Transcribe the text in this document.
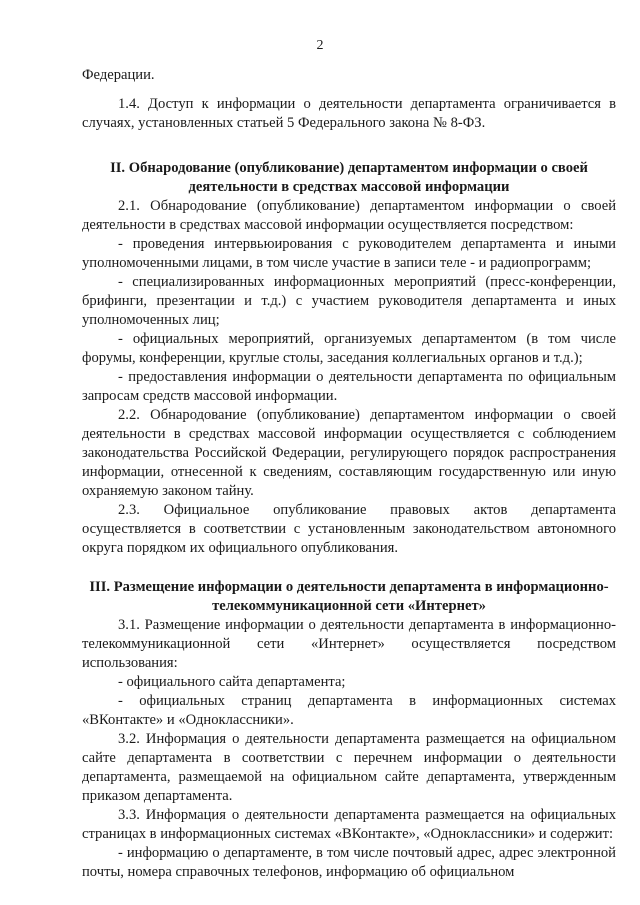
2

Федерации.

1.4. Доступ к информации о деятельности департамента ограничивается в случаях, установленных статьей 5 Федерального закона № 8-ФЗ.

II. Обнародование (опубликование) департаментом информации о своей деятельности в средствах массовой информации

2.1. Обнародование (опубликование) департаментом информации о своей деятельности в средствах массовой информации осуществляется посредством:

- проведения интервьюирования с руководителем департамента и иными уполномоченными лицами, в том числе участие в записи теле - и радиопрограмм;

- специализированных информационных мероприятий (пресс-конференции, брифинги, презентации и т.д.) с участием руководителя департамента и иных уполномоченных лиц;

- официальных мероприятий, организуемых департаментом (в том числе форумы, конференции, круглые столы, заседания коллегиальных органов и т.д.);

- предоставления информации о деятельности департамента по официальным запросам средств массовой информации.

2.2. Обнародование (опубликование) департаментом информации о своей деятельности в средствах массовой информации осуществляется с соблюдением законодательства Российской Федерации, регулирующего порядок распространения информации, отнесенной к сведениям, составляющим государственную или иную охраняемую законом тайну.

2.3. Официальное опубликование правовых актов департамента осуществляется в соответствии с установленным законодательством автономного округа порядком их официального опубликования.

III. Размещение информации о деятельности департамента в информационно-телекоммуникационной сети «Интернет»

3.1. Размещение информации о деятельности департамента в информационно-телекоммуникационной сети «Интернет» осуществляется посредством использования:

- официального сайта департамента;

- официальных страниц департамента в информационных системах «ВКонтакте» и «Одноклассники».

3.2. Информация о деятельности департамента размещается на официальном сайте департамента в соответствии с перечнем информации о деятельности департамента, размещаемой на официальном сайте департамента, утвержденным приказом департамента.

3.3. Информация о деятельности департамента размещается на официальных страницах в информационных системах «ВКонтакте», «Одноклассники» и содержит:

- информацию о департаменте, в том числе почтовый адрес, адрес электронной почты, номера справочных телефонов, информацию об официальном
